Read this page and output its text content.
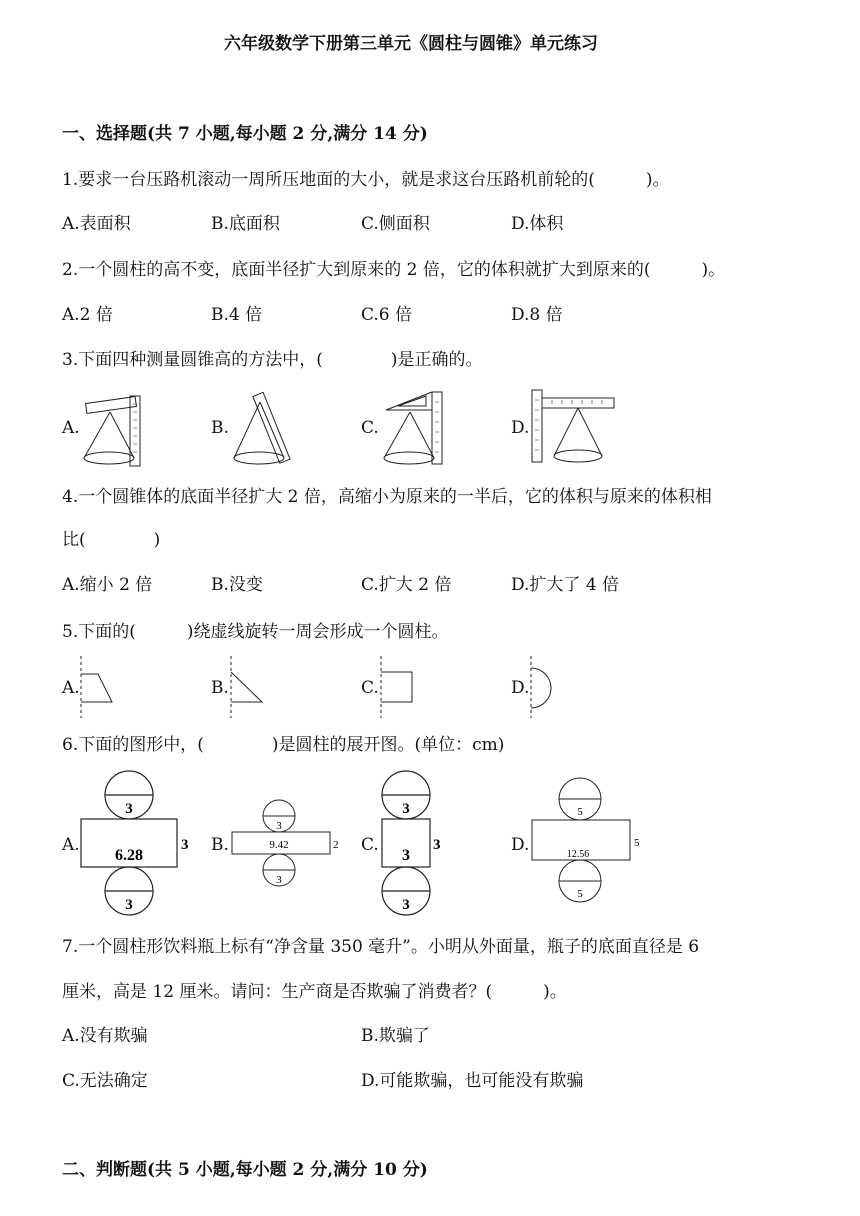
六年级数学下册第三单元《圆柱与圆锥》单元练习
一、选择题(共 7 小题,每小题 2 分,满分 14 分)
1.要求一台压路机滚动一周所压地面的大小，就是求这台压路机前轮的(　　　)。
A.表面积	B.底面积	C.侧面积	D.体积
2.一个圆柱的高不变，底面半径扩大到原来的 2 倍，它的体积就扩大到原来的(　　　)。
A.2 倍	B.4 倍	C.6 倍	D.8 倍
3.下面四种测量圆锥高的方法中，(　　　　)是正确的。
A.	B.	C.	D.
4.一个圆锥体的底面半径扩大 2 倍，高缩小为原来的一半后，它的体积与原来的体积相
比(　　　　)
A.缩小 2 倍	B.没变	C.扩大 2 倍	D.扩大了 4 倍
5.下面的(　　　)绕虚线旋转一周会形成一个圆柱。
A.	B.	C.	D.
6.下面的图形中，(　　　　)是圆柱的展开图。(单位：cm)
A.	B.	C.	D.
3
6.28
3
3
3
9.42	2
3
3
3
3
3
5
12.56
5
5
7.一个圆柱形饮料瓶上标有“净含量 350 毫升”。小明从外面量，瓶子的底面直径是 6
厘米，高是 12 厘米。请问：生产商是否欺骗了消费者？(　　　)。
A.没有欺骗	B.欺骗了
C.无法确定	D.可能欺骗，也可能没有欺骗
二、判断题(共 5 小题,每小题 2 分,满分 10 分)
